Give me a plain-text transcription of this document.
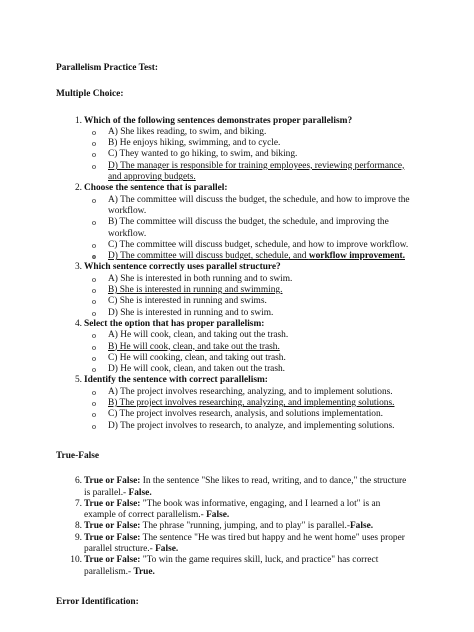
Parallelism Practice Test:
Multiple Choice:
1. Which of the following sentences demonstrates proper parallelism?
o A) She likes reading, to swim, and biking.
o B) He enjoys hiking, swimming, and to cycle.
o C) They wanted to go hiking, to swim, and biking.
o D) The manager is responsible for training employees, reviewing performance, and approving budgets.
2. Choose the sentence that is parallel:
o A) The committee will discuss the budget, the schedule, and how to improve the workflow.
o B) The committee will discuss the budget, the schedule, and improving the workflow.
o C) The committee will discuss budget, schedule, and how to improve workflow.
o D) The committee will discuss budget, schedule, and workflow improvement.
3. Which sentence correctly uses parallel structure?
o A) She is interested in both running and to swim.
o B) She is interested in running and swimming.
o C) She is interested in running and swims.
o D) She is interested in running and to swim.
4. Select the option that has proper parallelism:
o A) He will cook, clean, and taking out the trash.
o B) He will cook, clean, and take out the trash.
o C) He will cooking, clean, and taking out trash.
o D) He will cook, clean, and taken out the trash.
5. Identify the sentence with correct parallelism:
o A) The project involves researching, analyzing, and to implement solutions.
o B) The project involves researching, analyzing, and implementing solutions.
o C) The project involves research, analysis, and solutions implementation.
o D) The project involves to research, to analyze, and implementing solutions.
True-False
6. True or False: In the sentence "She likes to read, writing, and to dance," the structure is parallel.- False.
7. True or False: "The book was informative, engaging, and I learned a lot" is an example of correct parallelism.- False.
8. True or False: The phrase "running, jumping, and to play" is parallel.-False.
9. True or False: The sentence "He was tired but happy and he went home" uses proper parallel structure.- False.
10. True or False: "To win the game requires skill, luck, and practice" has correct parallelism.- True.
Error Identification:
